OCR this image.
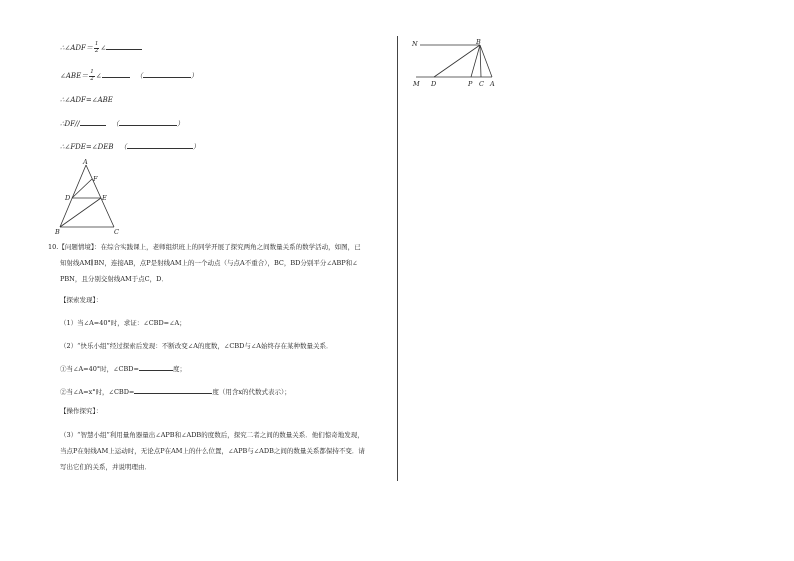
∴∠ADF＝ $\frac{1}{2}$ ∠
∠ABE＝ $\frac{1}{2}$ ∠	（	）
∴∠ADF=∠ABE
∴DF//	（	）
∴∠FDE=∠DEB （	）
A
F
D	E
B	C
10.【问题情境】：在综合实践课上，老师组织班上的同学开展了探究两角之间数量关系的数学活动，如图，已
知射线AM∥BN，连接AB，点P是射线AM上的一个动点（与点A不重合），BC，BD分别平分∠ABP和∠
PBN，且分别交射线AM于点C，D．
【探索发现】：
（1）当∠A=40°时，求证：∠CBD=∠A；
（2）“快乐小组”经过探索后发现：不断改变∠A的度数，∠CBD与∠A始终存在某种数量关系．
①当∠A=40°时，∠CBD=	度；
②当∠A=x°时，∠CBD=	度（用含x的代数式表示）；
【操作探究】：
（3）“智慧小组”利用量角器量出∠APB和∠ADB的度数后，探究二者之间的数量关系．他们惊奇地发现，
当点P在射线AM上运动时，无论点P在AM上的什么位置，∠APB与∠ADB之间的数量关系都保持不变．请
写出它们的关系，并说明理由．
N	B
M D	P C A
